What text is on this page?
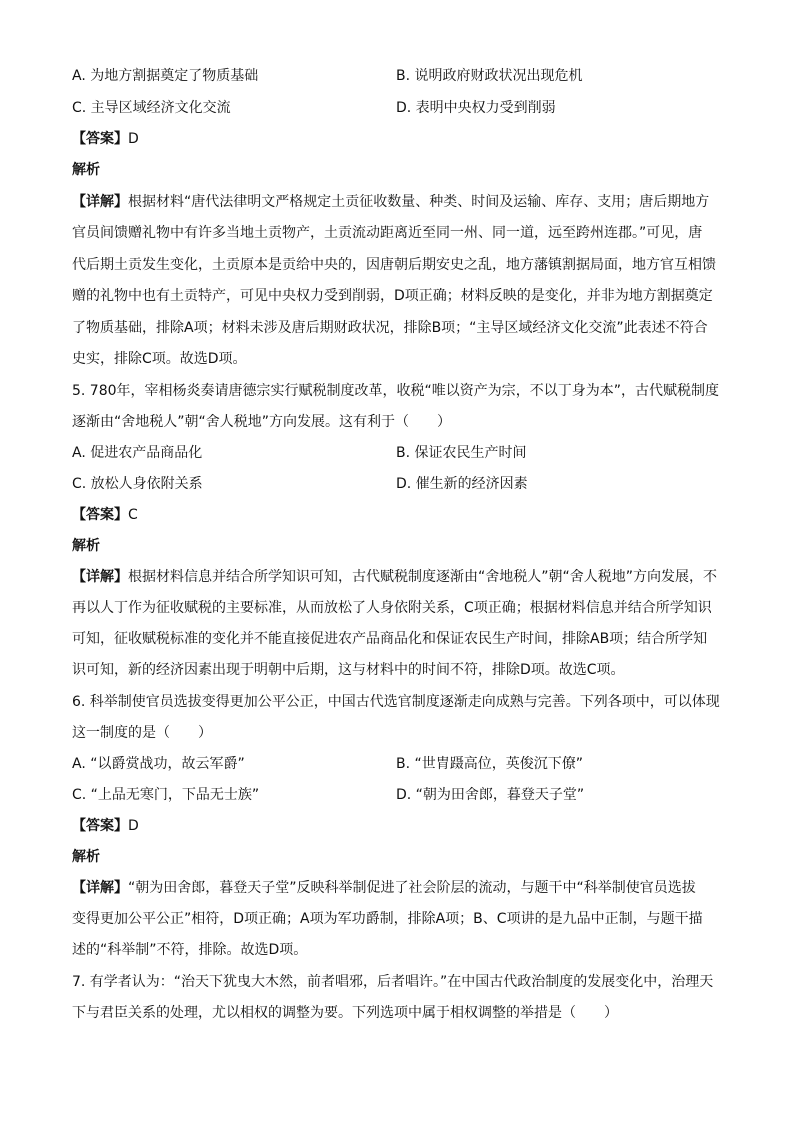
A. 为地方割据奠定了物质基础	B. 说明政府财政状况出现危机
C. 主导区域经济文化交流	D. 表明中央权力受到削弱
【答案】D
解析
【详解】根据材料“唐代法律明文严格规定土贡征收数量、种类、时间及运输、库存、支用；唐后期地方
官员间馈赠礼物中有许多当地土贡物产，土贡流动距离近至同一州、同一道，远至跨州连郡。”可见，唐
代后期土贡发生变化，土贡原本是贡给中央的，因唐朝后期安史之乱，地方藩镇割据局面，地方官互相馈
赠的礼物中也有土贡特产，可见中央权力受到削弱，D项正确；材料反映的是变化，并非为地方割据奠定
了物质基础，排除A项；材料未涉及唐后期财政状况，排除B项；“主导区域经济文化交流”此表述不符合
史实，排除C项。故选D项。
5. 780年，宰相杨炎奏请唐德宗实行赋税制度改革，收税“唯以资产为宗，不以丁身为本”，古代赋税制度
逐渐由“舍地税人”朝“舍人税地”方向发展。这有利于（　　）
A. 促进农产品商品化	B. 保证农民生产时间
C. 放松人身依附关系	D. 催生新的经济因素
【答案】C
解析
【详解】根据材料信息并结合所学知识可知，古代赋税制度逐渐由“舍地税人”朝“舍人税地”方向发展，不
再以人丁作为征收赋税的主要标准，从而放松了人身依附关系，C项正确；根据材料信息并结合所学知识
可知，征收赋税标准的变化并不能直接促进农产品商品化和保证农民生产时间，排除AB项；结合所学知
识可知，新的经济因素出现于明朝中后期，这与材料中的时间不符，排除D项。故选C项。
6. 科举制使官员选拔变得更加公平公正，中国古代选官制度逐渐走向成熟与完善。下列各项中，可以体现
这一制度的是（　　）
A. “以爵赏战功，故云军爵”	B. “世胄蹑高位，英俊沉下僚”
C. “上品无寒门，下品无士族”	D. “朝为田舍郎，暮登天子堂”
【答案】D
解析
【详解】“朝为田舍郎，暮登天子堂”反映科举制促进了社会阶层的流动，与题干中“科举制使官员选拔
变得更加公平公正”相符，D项正确；A项为军功爵制，排除A项；B、C项讲的是九品中正制，与题干描
述的“科举制”不符，排除。故选D项。
7. 有学者认为：“治天下犹曳大木然，前者唱邪，后者唱许。”在中国古代政治制度的发展变化中，治理天
下与君臣关系的处理，尤以相权的调整为要。下列选项中属于相权调整的举措是（　　）
